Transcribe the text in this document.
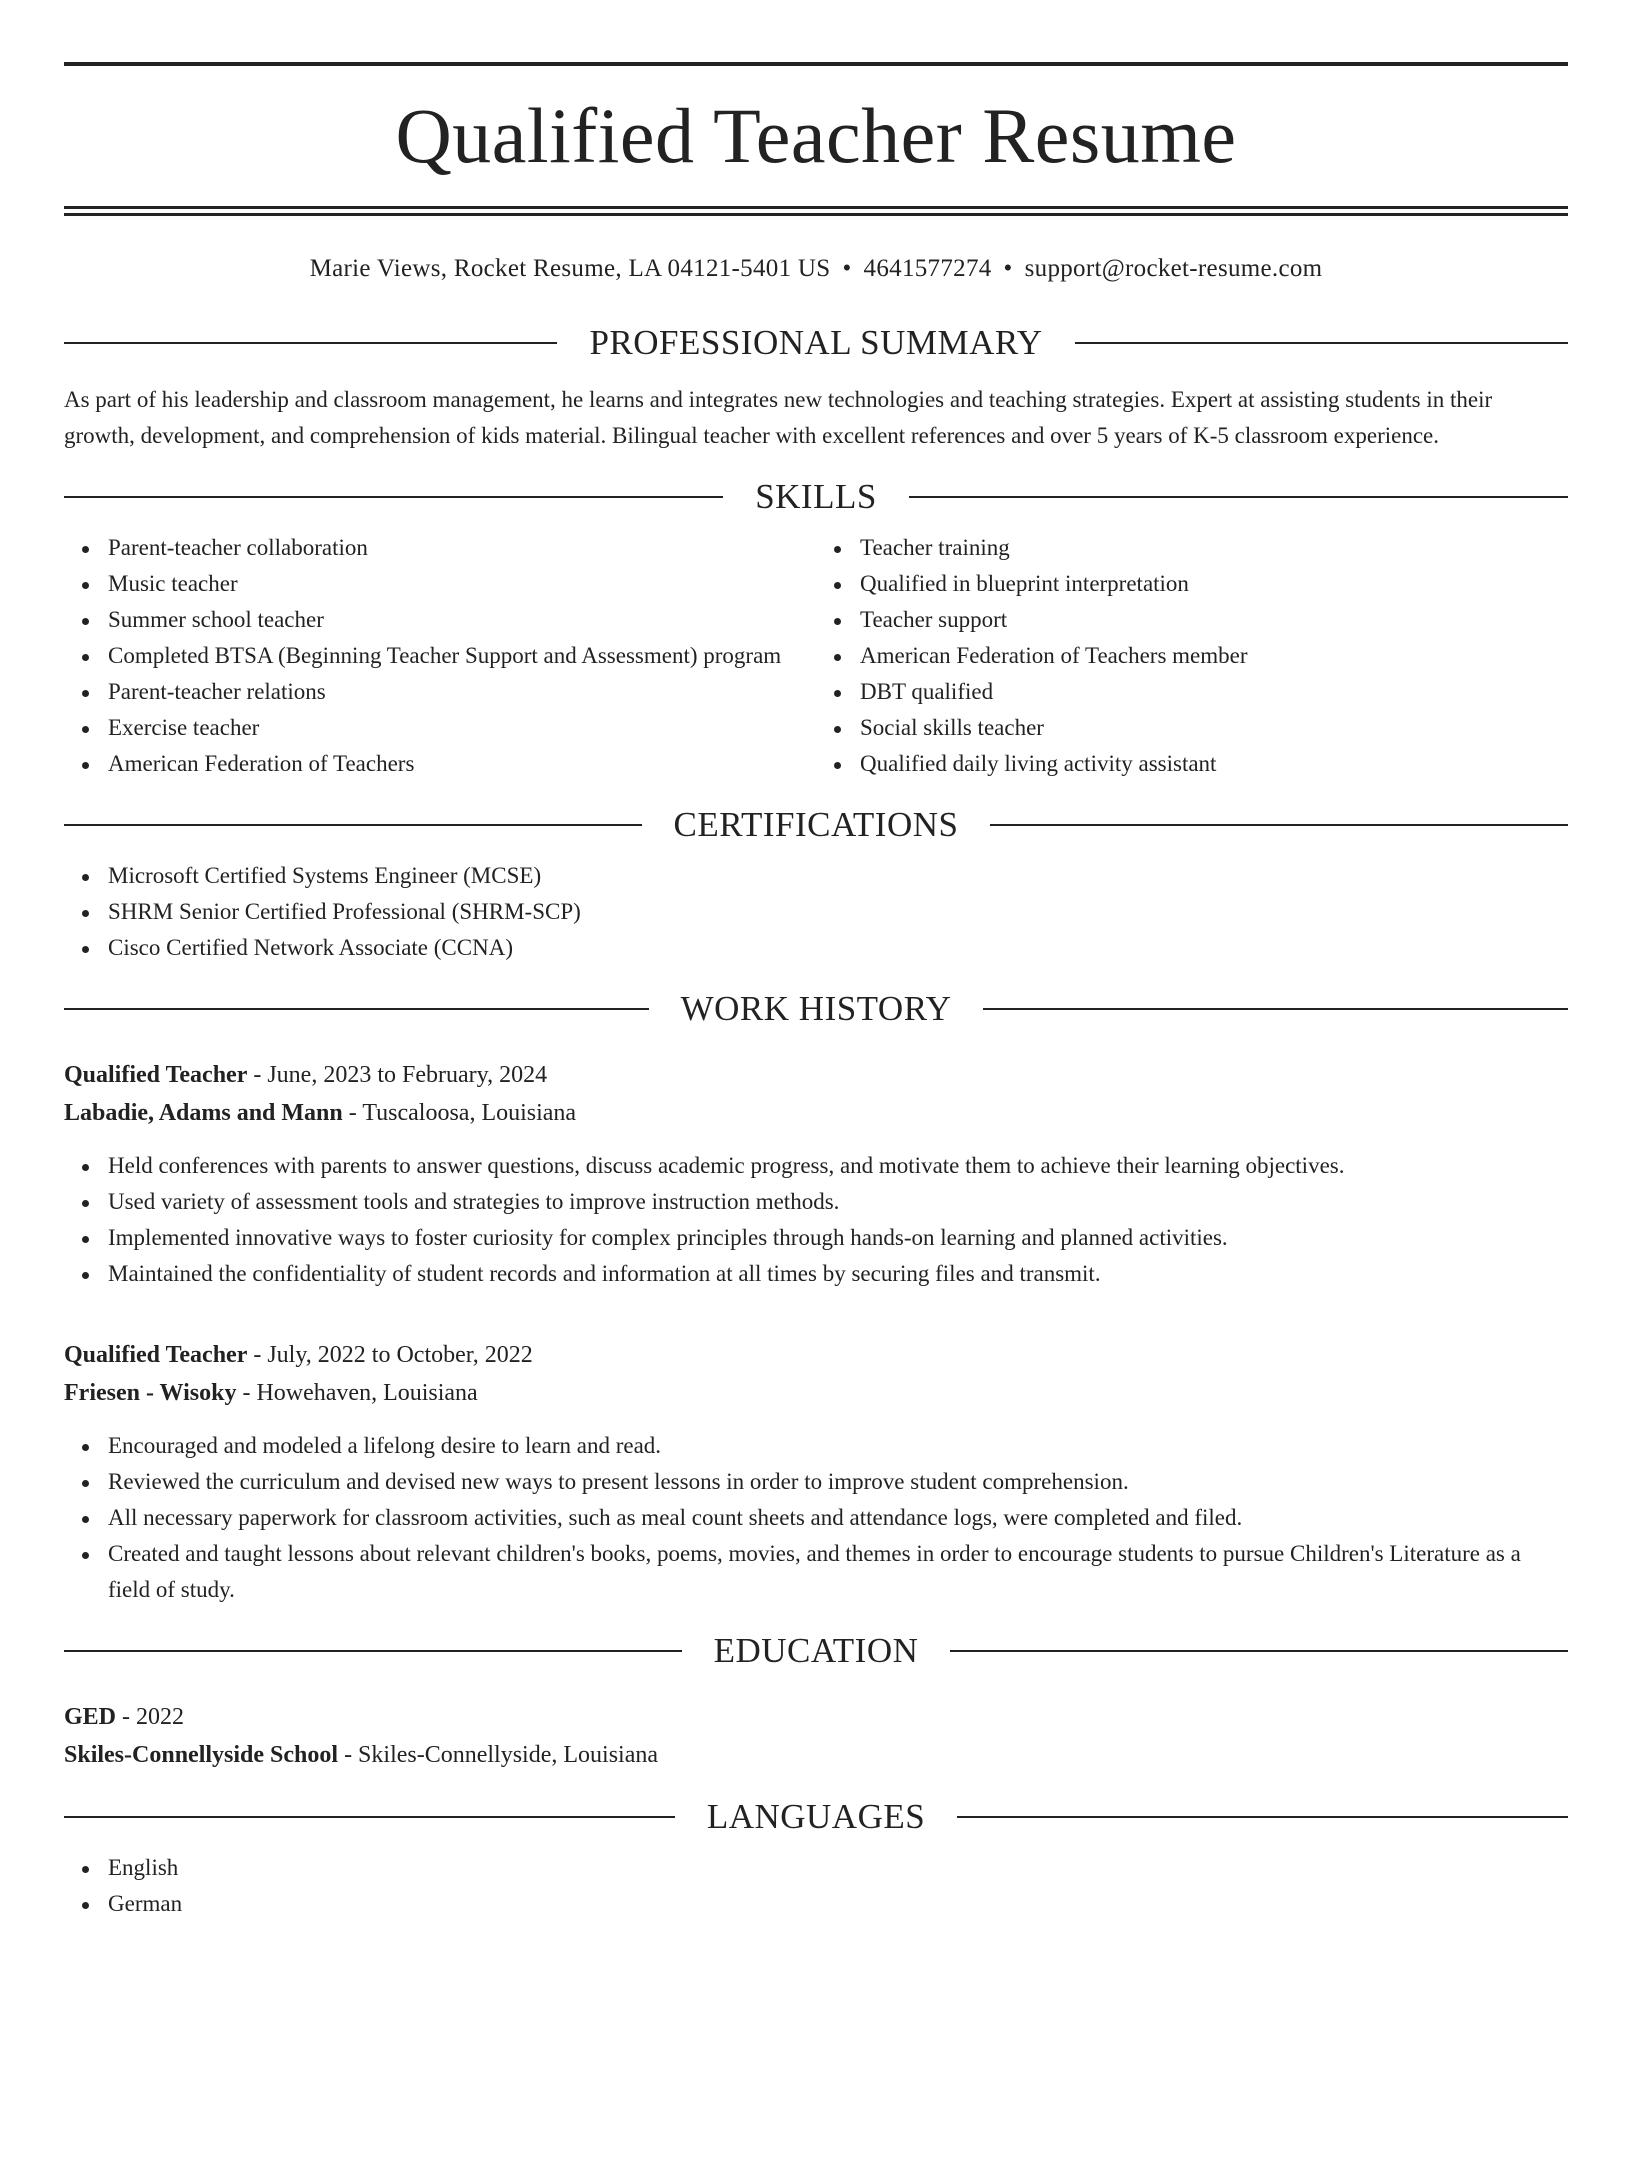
Qualified Teacher Resume
Marie Views, Rocket Resume, LA 04121-5401 US • 4641577274 • support@rocket-resume.com
PROFESSIONAL SUMMARY

As part of his leadership and classroom management, he learns and integrates new technologies and teaching strategies. Expert at assisting students in their growth, development, and comprehension of kids material. Bilingual teacher with excellent references and over 5 years of K-5 classroom experience.

SKILLS
Parent-teacher collaboration
Music teacher
Summer school teacher
Completed BTSA (Beginning Teacher Support and Assessment) program
Parent-teacher relations
Exercise teacher
American Federation of Teachers
Teacher training
Qualified in blueprint interpretation
Teacher support
American Federation of Teachers member
DBT qualified
Social skills teacher
Qualified daily living activity assistant
CERTIFICATIONS
Microsoft Certified Systems Engineer (MCSE)
SHRM Senior Certified Professional (SHRM-SCP)
Cisco Certified Network Associate (CCNA)
WORK HISTORY
Qualified Teacher - June, 2023 to February, 2024
Labadie, Adams and Mann - Tuscaloosa, Louisiana
Held conferences with parents to answer questions, discuss academic progress, and motivate them to achieve their learning objectives.
Used variety of assessment tools and strategies to improve instruction methods.
Implemented innovative ways to foster curiosity for complex principles through hands-on learning and planned activities.
Maintained the confidentiality of student records and information at all times by securing files and transmit.
Qualified Teacher - July, 2022 to October, 2022
Friesen - Wisoky - Howehaven, Louisiana
Encouraged and modeled a lifelong desire to learn and read.
Reviewed the curriculum and devised new ways to present lessons in order to improve student comprehension.
All necessary paperwork for classroom activities, such as meal count sheets and attendance logs, were completed and filed.
Created and taught lessons about relevant children's books, poems, movies, and themes in order to encourage students to pursue Children's Literature as a field of study.
EDUCATION
GED - 2022
Skiles-Connellyside School - Skiles-Connellyside, Louisiana
LANGUAGES
English
German
